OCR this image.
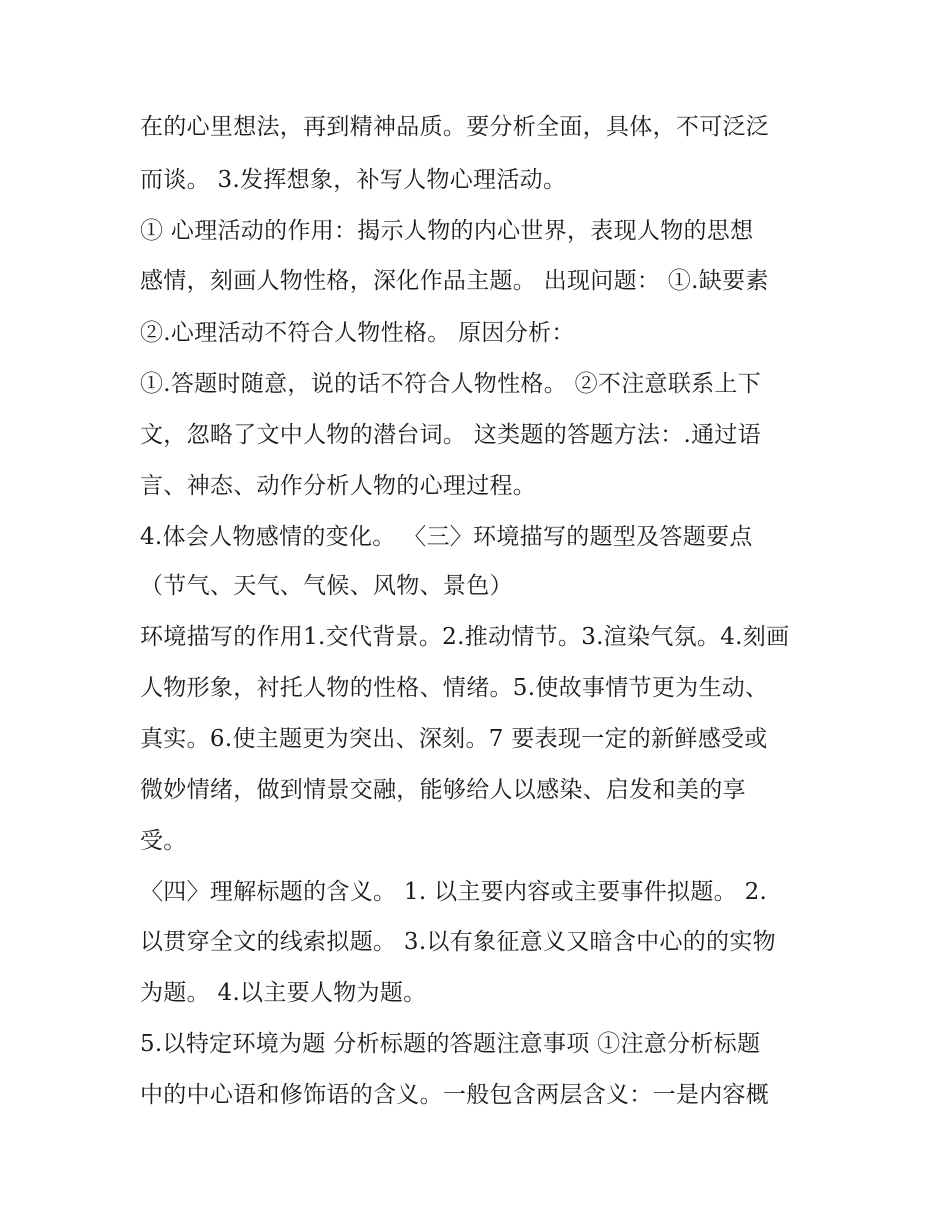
在的心里想法，再到精神品质。要分析全面，具体，不可泛泛
而谈。 3.发挥想象，补写人物心理活动。
① 心理活动的作用：揭示人物的内心世界，表现人物的思想
感情，刻画人物性格，深化作品主题。 出现问题： ①.缺要素
②.心理活动不符合人物性格。 原因分析：
①.答题时随意，说的话不符合人物性格。 ②不注意联系上下
文，忽略了文中人物的潜台词。 这类题的答题方法：.通过语
言、神态、动作分析人物的心理过程。
4.体会人物感情的变化。 〈三〉环境描写的题型及答题要点
（节气、天气、气候、风物、景色）
环境描写的作用1.交代背景。2.推动情节。3.渲染气氛。4.刻画
人物形象，衬托人物的性格、情绪。5.使故事情节更为生动、
真实。6.使主题更为突出、深刻。7 要表现一定的新鲜感受或
微妙情绪，做到情景交融，能够给人以感染、启发和美的享
受。
〈四〉理解标题的含义。 1. 以主要内容或主要事件拟题。 2.
以贯穿全文的线索拟题。 3.以有象征意义又暗含中心的的实物
为题。 4.以主要人物为题。
5.以特定环境为题 分析标题的答题注意事项 ①注意分析标题
中的中心语和修饰语的含义。一般包含两层含义：一是内容概
